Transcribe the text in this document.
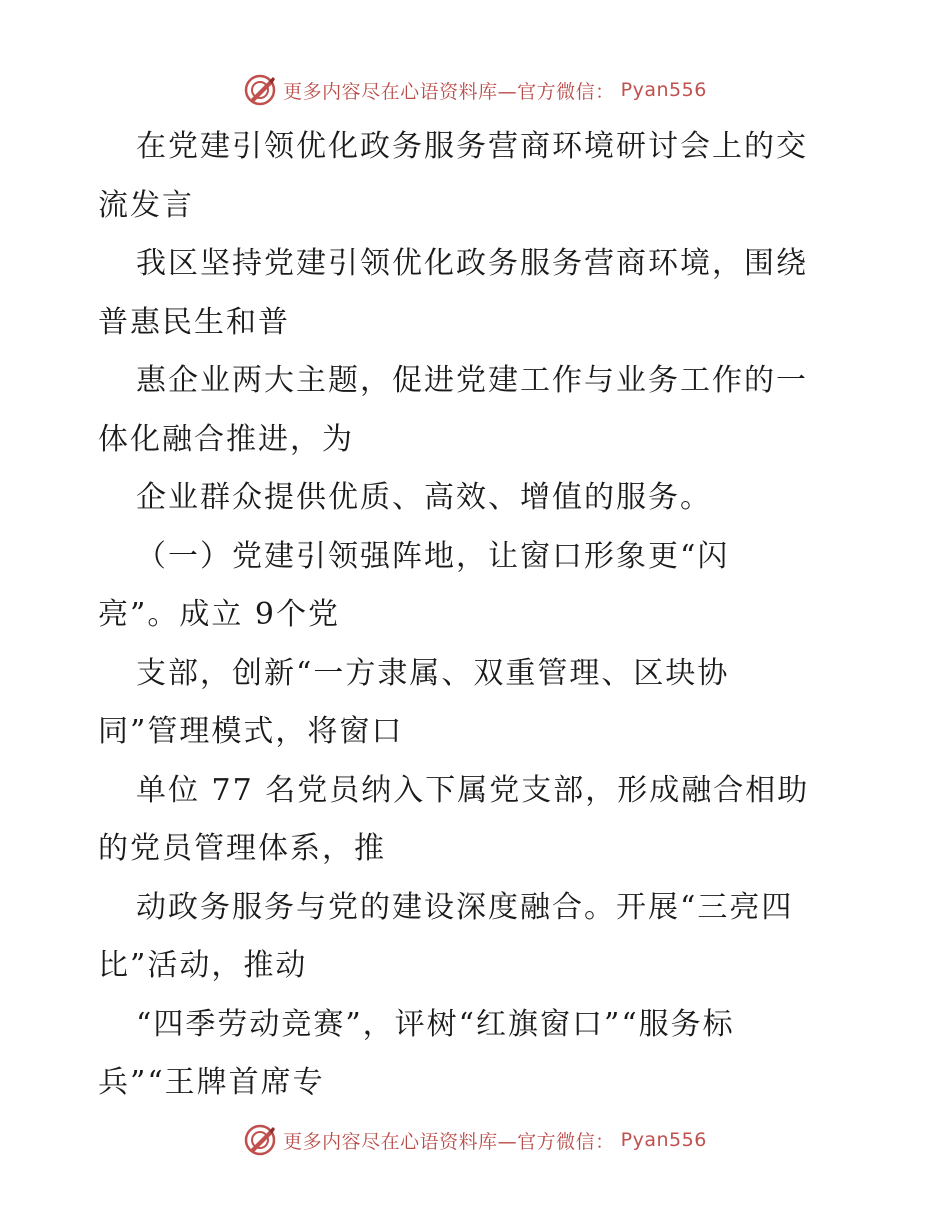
更多内容尽在心语资料库—官方微信： Pyan556

在党建引领优化政务服务营商环境研讨会上的交
流发言

我区坚持党建引领优化政务服务营商环境，围绕
普惠民生和普

惠企业两大主题，促进党建工作与业务工作的一
体化融合推进，为

企业群众提供优质、高效、增值的服务。

（一）党建引领强阵地，让窗口形象更“闪
亮”。成立 9个党

支部，创新“一方隶属、双重管理、区块协
同”管理模式，将窗口

单位 77 名党员纳入下属党支部，形成融合相助
的党员管理体系，推

动政务服务与党的建设深度融合。开展“三亮四
比”活动，推动

“四季劳动竞赛”，评树“红旗窗口”“服务标
兵”“王牌首席专

更多内容尽在心语资料库—官方微信： Pyan556
